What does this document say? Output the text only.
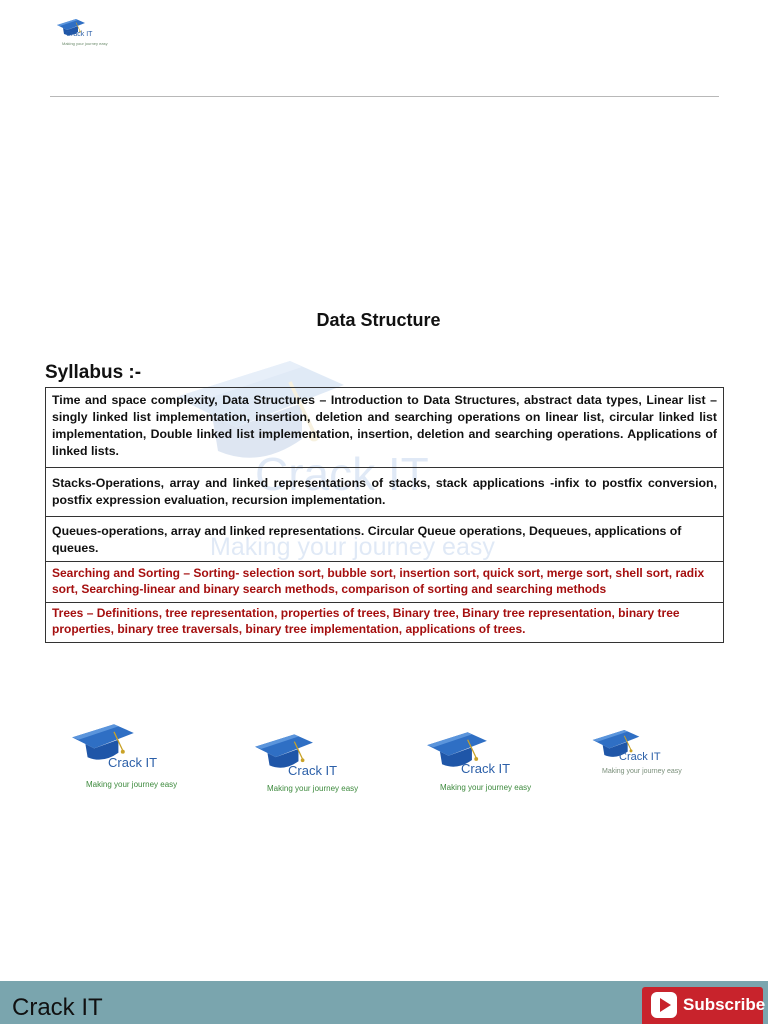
Crack IT
Making your journey easy
Crack IT
Making your journey easy
Data Structure
Syllabus :-
Time and space complexity, Data Structures – Introduction to Data Structures, abstract data types, Linear list – singly linked list implementation, insertion, deletion and searching operations on linear list, circular linked list implementation, Double linked list implementation, insertion, deletion and searching operations. Applications of linked lists.
Stacks-Operations, array and linked representations of stacks, stack applications -infix to postfix conversion, postfix expression evaluation, recursion implementation.
Queues-operations, array and linked representations. Circular Queue operations, Dequeues, applications of queues.
Searching and Sorting – Sorting- selection sort, bubble sort, insertion sort, quick sort, merge sort, shell sort, radix sort, Searching-linear and binary search methods, comparison of sorting and searching methods
Trees – Definitions, tree representation, properties of trees, Binary tree, Binary tree representation, binary tree properties, binary tree traversals, binary tree implementation, applications of trees.
Crack IT
Making your journey easy
Crack IT
Making your journey easy
Crack IT
Making your journey easy
Crack IT
Making your journey easy
Crack IT	Subscribe
